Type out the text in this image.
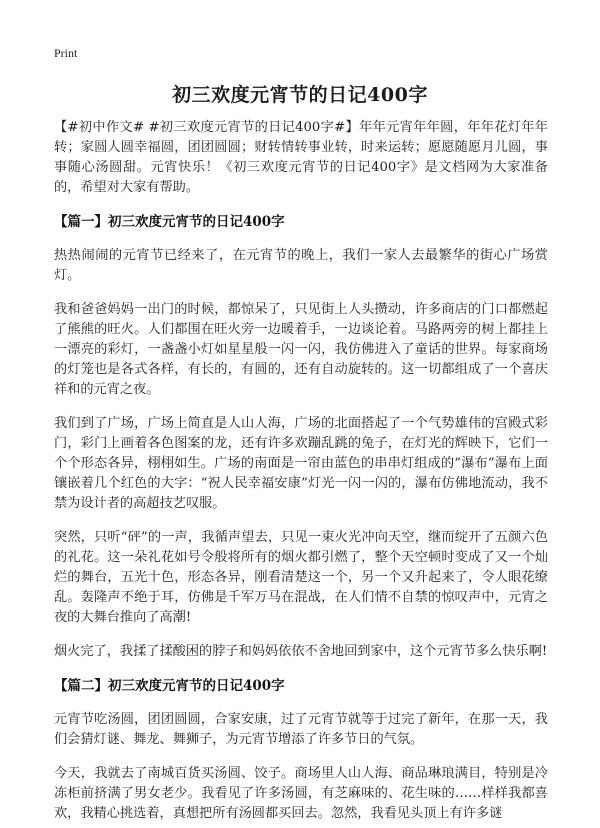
Print
初三欢度元宵节的日记400字

【#初中作文# #初三欢度元宵节的日记400字#】年年元宵年年圆，年年花灯年年转；家圆人圆幸福圆，团团圆圆；财转情转事业转，时来运转；愿愿随愿月儿圆，事事随心汤圆甜。元宵快乐！《初三欢度元宵节的日记400字》是文档网为大家准备的，希望对大家有帮助。

【篇一】初三欢度元宵节的日记400字

热热闹闹的元宵节已经来了，在元宵节的晚上，我们一家人去最繁华的街心广场赏灯。

我和爸爸妈妈一出门的时候，都惊呆了，只见街上人头攒动，许多商店的门口都燃起了熊熊的旺火。人们都围在旺火旁一边暖着手，一边谈论着。马路两旁的树上都挂上一漂亮的彩灯，一盏盏小灯如星星般一闪一闪，我仿佛进入了童话的世界。每家商场的灯笼也是各式各样，有长的，有圆的，还有自动旋转的。这一切都组成了一个喜庆祥和的元宵之夜。

我们到了广场，广场上简直是人山人海，广场的北面搭起了一个气势雄伟的宫殿式彩门，彩门上画着各色图案的龙，还有许多欢蹦乱跳的兔子，在灯光的辉映下，它们一个个形态各异，栩栩如生。广场的南面是一帘由蓝色的串串灯组成的“瀑布”瀑布上面镶嵌着几个红色的大字：“祝人民幸福安康”灯光一闪一闪的，瀑布仿佛地流动，我不禁为设计者的高超技艺叹服。

突然，只听“砰”的一声，我循声望去，只见一束火光冲向天空，继而绽开了五颜六色的礼花。这一朵礼花如号令般将所有的烟火都引燃了，整个天空顿时变成了又一个灿烂的舞台，五光十色，形态各异，刚看清楚这一个，另一个又升起来了，令人眼花缭乱。轰隆声不绝于耳，仿佛是千军万马在混战，在人们情不自禁的惊叹声中，元宵之夜的大舞台推向了高潮!

烟火完了，我揉了揉酸困的脖子和妈妈依依不舍地回到家中，这个元宵节多么快乐啊!

【篇二】初三欢度元宵节的日记400字

元宵节吃汤圆，团团圆圆，合家安康，过了元宵节就等于过完了新年，在那一天，我们会猜灯谜、舞龙、舞狮子，为元宵节增添了许多节日的气氛。

今天，我就去了南城百货买汤圆、饺子。商场里人山人海、商品琳琅满目，特别是冷冻柜前挤满了男女老少。我看见了许多汤圆，有芝麻味的、花生味的……样样我都喜欢，我精心挑选着，真想把所有汤圆都买回去。忽然，我看见头顶上有许多谜
